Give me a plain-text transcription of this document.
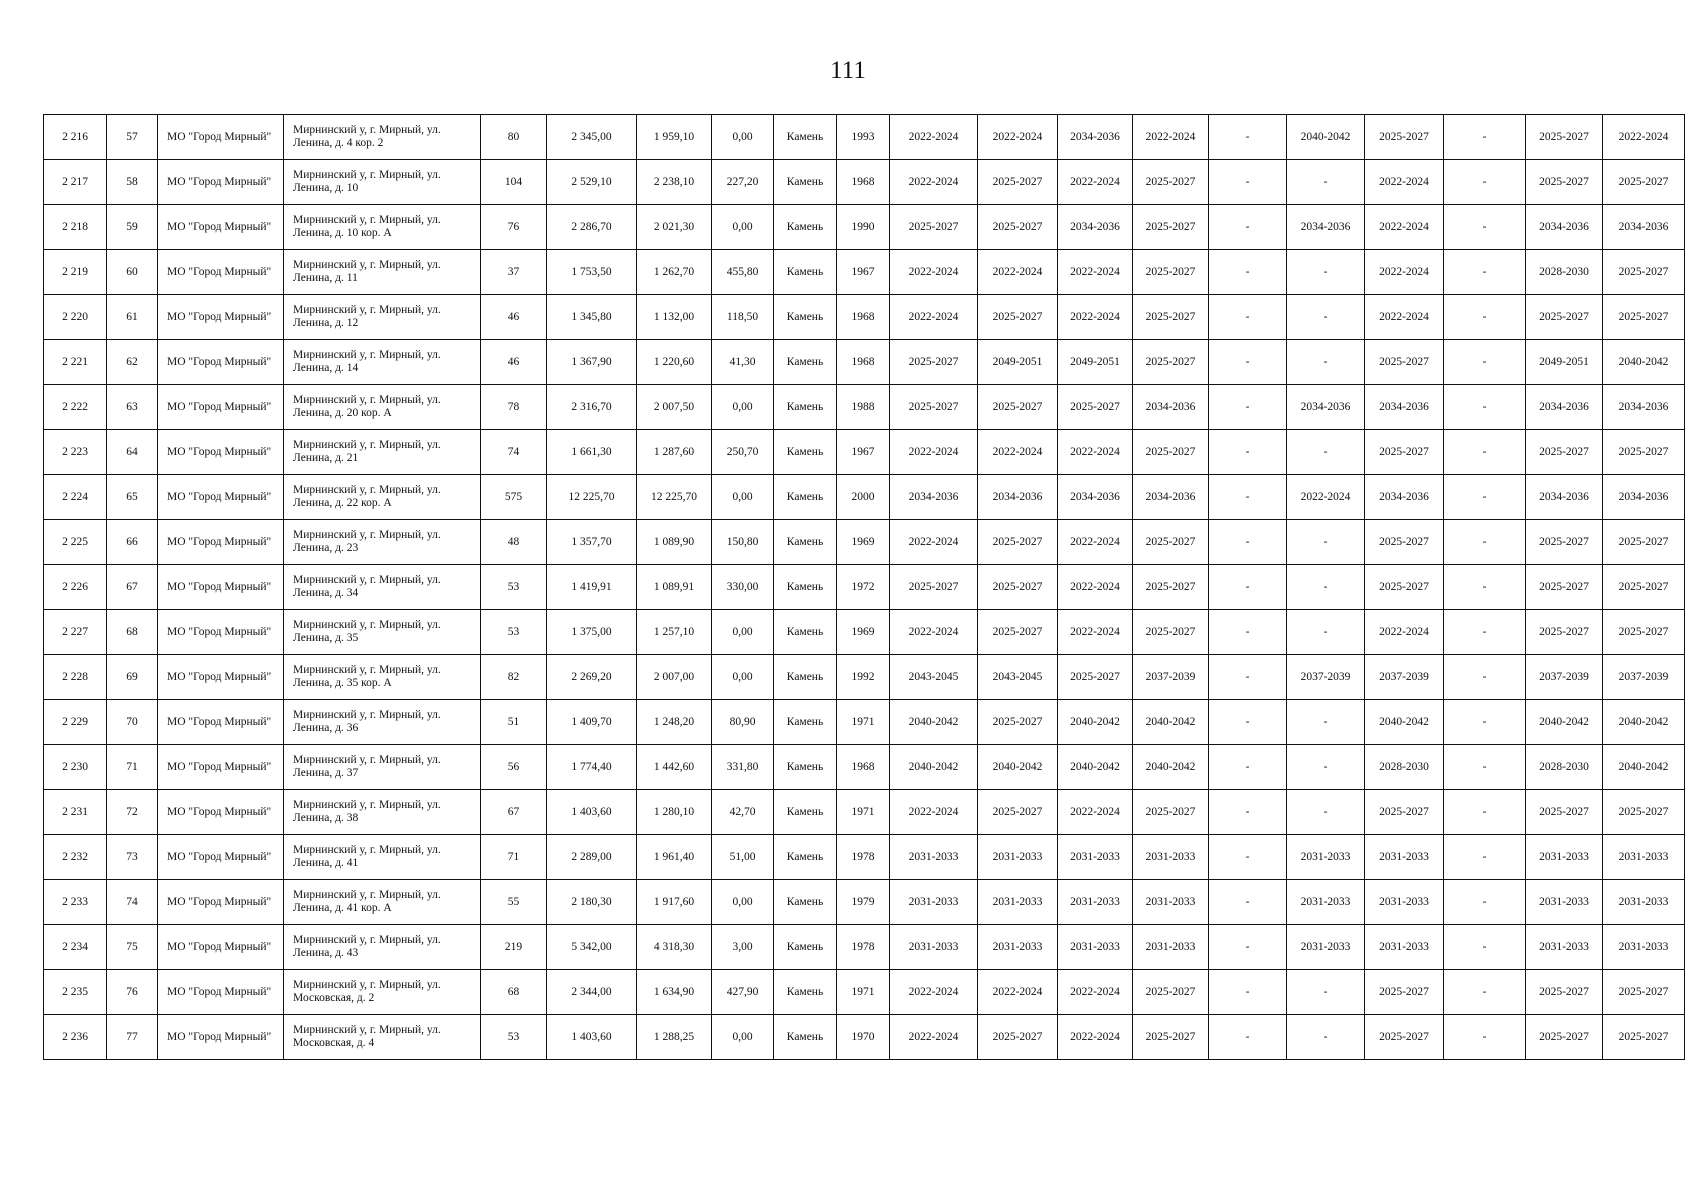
111
2 216	57	МО "Город Мирный"	Мирнинский у, г. Мирный, ул. Ленина, д. 4 кор. 2	80	2 345,00	1 959,10	0,00	Камень	1993	2022-2024	2022-2024	2034-2036	2022-2024	-	2040-2042	2025-2027	-	2025-2027	2022-2024
2 217	58	МО "Город Мирный"	Мирнинский у, г. Мирный, ул. Ленина, д. 10	104	2 529,10	2 238,10	227,20	Камень	1968	2022-2024	2025-2027	2022-2024	2025-2027	-	-	2022-2024	-	2025-2027	2025-2027
2 218	59	МО "Город Мирный"	Мирнинский у, г. Мирный, ул. Ленина, д. 10 кор. А	76	2 286,70	2 021,30	0,00	Камень	1990	2025-2027	2025-2027	2034-2036	2025-2027	-	2034-2036	2022-2024	-	2034-2036	2034-2036
2 219	60	МО "Город Мирный"	Мирнинский у, г. Мирный, ул. Ленина, д. 11	37	1 753,50	1 262,70	455,80	Камень	1967	2022-2024	2022-2024	2022-2024	2025-2027	-	-	2022-2024	-	2028-2030	2025-2027
2 220	61	МО "Город Мирный"	Мирнинский у, г. Мирный, ул. Ленина, д. 12	46	1 345,80	1 132,00	118,50	Камень	1968	2022-2024	2025-2027	2022-2024	2025-2027	-	-	2022-2024	-	2025-2027	2025-2027
2 221	62	МО "Город Мирный"	Мирнинский у, г. Мирный, ул. Ленина, д. 14	46	1 367,90	1 220,60	41,30	Камень	1968	2025-2027	2049-2051	2049-2051	2025-2027	-	-	2025-2027	-	2049-2051	2040-2042
2 222	63	МО "Город Мирный"	Мирнинский у, г. Мирный, ул. Ленина, д. 20 кор. А	78	2 316,70	2 007,50	0,00	Камень	1988	2025-2027	2025-2027	2025-2027	2034-2036	-	2034-2036	2034-2036	-	2034-2036	2034-2036
2 223	64	МО "Город Мирный"	Мирнинский у, г. Мирный, ул. Ленина, д. 21	74	1 661,30	1 287,60	250,70	Камень	1967	2022-2024	2022-2024	2022-2024	2025-2027	-	-	2025-2027	-	2025-2027	2025-2027
2 224	65	МО "Город Мирный"	Мирнинский у, г. Мирный, ул. Ленина, д. 22 кор. А	575	12 225,70	12 225,70	0,00	Камень	2000	2034-2036	2034-2036	2034-2036	2034-2036	-	2022-2024	2034-2036	-	2034-2036	2034-2036
2 225	66	МО "Город Мирный"	Мирнинский у, г. Мирный, ул. Ленина, д. 23	48	1 357,70	1 089,90	150,80	Камень	1969	2022-2024	2025-2027	2022-2024	2025-2027	-	-	2025-2027	-	2025-2027	2025-2027
2 226	67	МО "Город Мирный"	Мирнинский у, г. Мирный, ул. Ленина, д. 34	53	1 419,91	1 089,91	330,00	Камень	1972	2025-2027	2025-2027	2022-2024	2025-2027	-	-	2025-2027	-	2025-2027	2025-2027
2 227	68	МО "Город Мирный"	Мирнинский у, г. Мирный, ул. Ленина, д. 35	53	1 375,00	1 257,10	0,00	Камень	1969	2022-2024	2025-2027	2022-2024	2025-2027	-	-	2022-2024	-	2025-2027	2025-2027
2 228	69	МО "Город Мирный"	Мирнинский у, г. Мирный, ул. Ленина, д. 35 кор. А	82	2 269,20	2 007,00	0,00	Камень	1992	2043-2045	2043-2045	2025-2027	2037-2039	-	2037-2039	2037-2039	-	2037-2039	2037-2039
2 229	70	МО "Город Мирный"	Мирнинский у, г. Мирный, ул. Ленина, д. 36	51	1 409,70	1 248,20	80,90	Камень	1971	2040-2042	2025-2027	2040-2042	2040-2042	-	-	2040-2042	-	2040-2042	2040-2042
2 230	71	МО "Город Мирный"	Мирнинский у, г. Мирный, ул. Ленина, д. 37	56	1 774,40	1 442,60	331,80	Камень	1968	2040-2042	2040-2042	2040-2042	2040-2042	-	-	2028-2030	-	2028-2030	2040-2042
2 231	72	МО "Город Мирный"	Мирнинский у, г. Мирный, ул. Ленина, д. 38	67	1 403,60	1 280,10	42,70	Камень	1971	2022-2024	2025-2027	2022-2024	2025-2027	-	-	2025-2027	-	2025-2027	2025-2027
2 232	73	МО "Город Мирный"	Мирнинский у, г. Мирный, ул. Ленина, д. 41	71	2 289,00	1 961,40	51,00	Камень	1978	2031-2033	2031-2033	2031-2033	2031-2033	-	2031-2033	2031-2033	-	2031-2033	2031-2033
2 233	74	МО "Город Мирный"	Мирнинский у, г. Мирный, ул. Ленина, д. 41 кор. А	55	2 180,30	1 917,60	0,00	Камень	1979	2031-2033	2031-2033	2031-2033	2031-2033	-	2031-2033	2031-2033	-	2031-2033	2031-2033
2 234	75	МО "Город Мирный"	Мирнинский у, г. Мирный, ул. Ленина, д. 43	219	5 342,00	4 318,30	3,00	Камень	1978	2031-2033	2031-2033	2031-2033	2031-2033	-	2031-2033	2031-2033	-	2031-2033	2031-2033
2 235	76	МО "Город Мирный"	Мирнинский у, г. Мирный, ул. Московская, д. 2	68	2 344,00	1 634,90	427,90	Камень	1971	2022-2024	2022-2024	2022-2024	2025-2027	-	-	2025-2027	-	2025-2027	2025-2027
2 236	77	МО "Город Мирный"	Мирнинский у, г. Мирный, ул. Московская, д. 4	53	1 403,60	1 288,25	0,00	Камень	1970	2022-2024	2025-2027	2022-2024	2025-2027	-	-	2025-2027	-	2025-2027	2025-2027
